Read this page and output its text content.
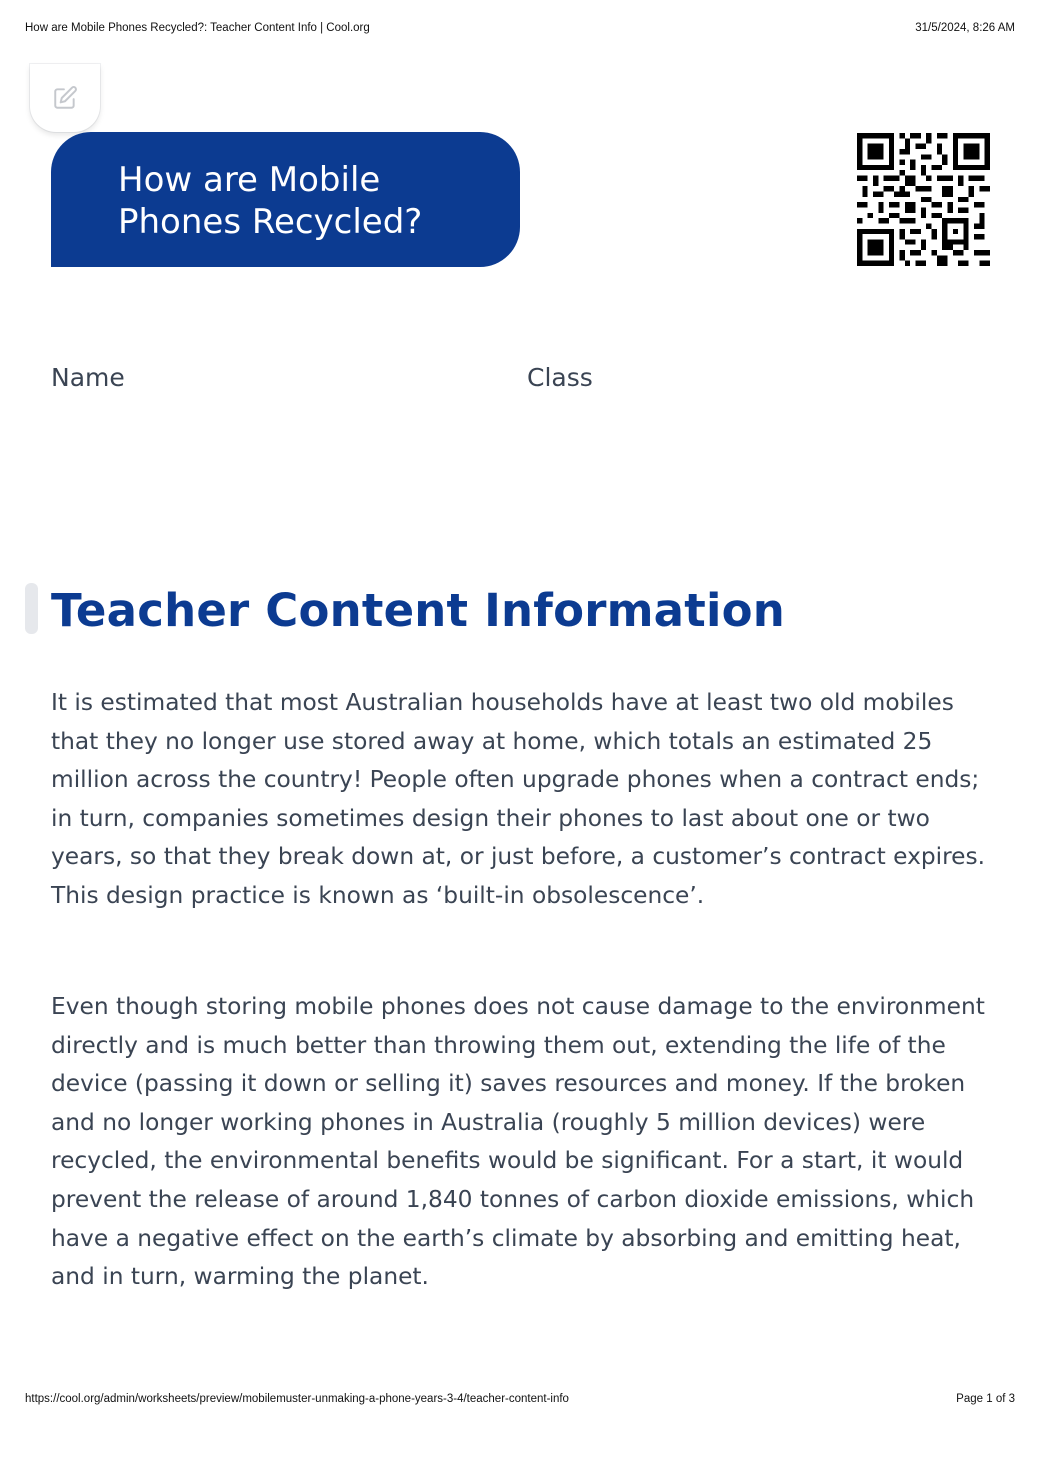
How are Mobile Phones Recycled?: Teacher Content Info | Cool.org	31/5/2024, 8:26 AM
How are Mobile Phones Recycled?
Name	Class
Teacher Content Information

It is estimated that most Australian households have at least two old mobiles that they no longer use stored away at home, which totals an estimated 25 million across the country! People often upgrade phones when a contract ends; in turn, companies sometimes design their phones to last about one or two years, so that they break down at, or just before, a customer’s contract expires. This design practice is known as ‘built-in obsolescence’.

Even though storing mobile phones does not cause damage to the environment directly and is much better than throwing them out, extending the life of the device (passing it down or selling it) saves resources and money. If the broken and no longer working phones in Australia (roughly 5 million devices) were recycled, the environmental benefits would be significant. For a start, it would prevent the release of around 1,840 tonnes of carbon dioxide emissions, which have a negative effect on the earth’s climate by absorbing and emitting heat, and in turn, warming the planet.

https://cool.org/admin/worksheets/preview/mobilemuster-unmaking-a-phone-years-3-4/teacher-content-info	Page 1 of 3
